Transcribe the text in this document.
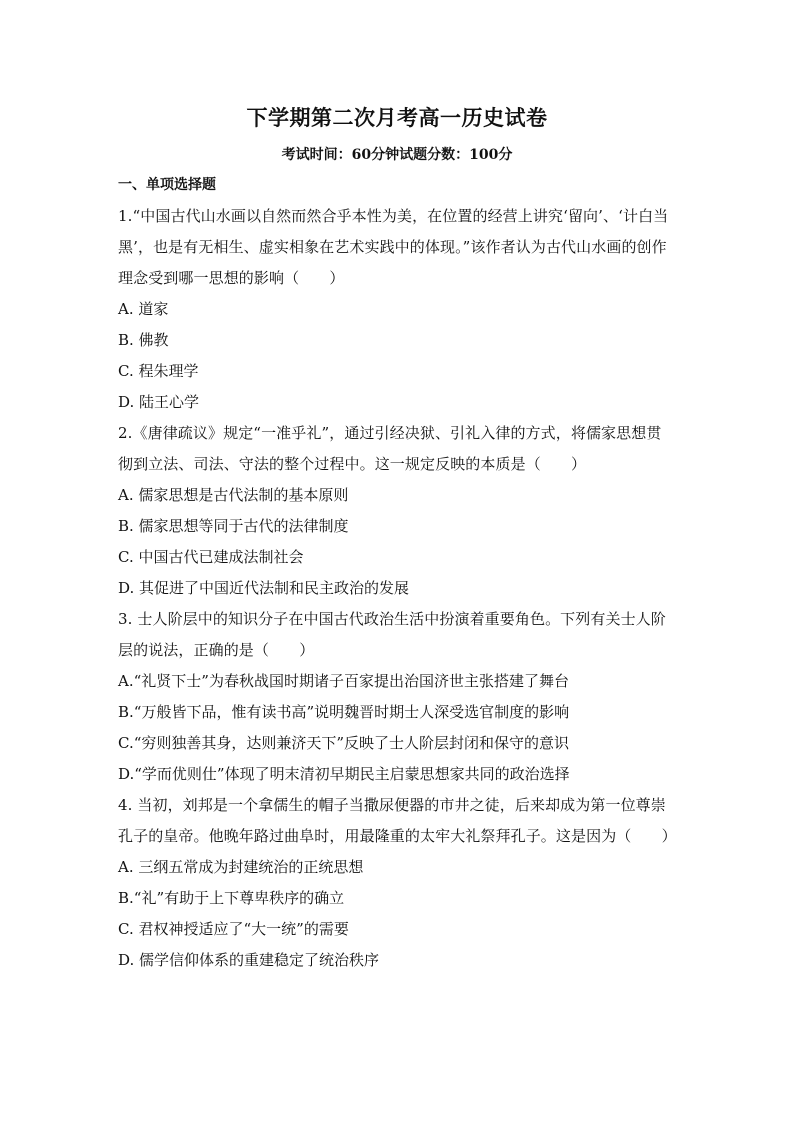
下学期第二次月考高一历史试卷
考试时间：60分钟试题分数：100分
一、单项选择题

1.“中国古代山水画以自然而然合乎本性为美，在位置的经营上讲究‘留向’、‘计白当黑’，也是有无相生、虚实相象在艺术实践中的体现。”该作者认为古代山水画的创作理念受到哪一思想的影响（　　）

A. 道家

B. 佛教

C. 程朱理学

D. 陆王心学

2.《唐律疏议》规定“一准乎礼”，通过引经决狱、引礼入律的方式，将儒家思想贯彻到立法、司法、守法的整个过程中。这一规定反映的本质是（　　）

A. 儒家思想是古代法制的基本原则

B. 儒家思想等同于古代的法律制度

C. 中国古代已建成法制社会

D. 其促进了中国近代法制和民主政治的发展

3. 士人阶层中的知识分子在中国古代政治生活中扮演着重要角色。下列有关士人阶层的说法，正确的是（　　）

A.“礼贤下士”为春秋战国时期诸子百家提出治国济世主张搭建了舞台

B.“万般皆下品，惟有读书高”说明魏晋时期士人深受选官制度的影响

C.“穷则独善其身，达则兼济天下”反映了士人阶层封闭和保守的意识

D.“学而优则仕”体现了明末清初早期民主启蒙思想家共同的政治选择

4. 当初，刘邦是一个拿儒生的帽子当撒尿便器的市井之徒，后来却成为第一位尊崇孔子的皇帝。他晚年路过曲阜时，用最隆重的太牢大礼祭拜孔子。这是因为（　　）

A. 三纲五常成为封建统治的正统思想

B.“礼”有助于上下尊卑秩序的确立

C. 君权神授适应了“大一统”的需要

D. 儒学信仰体系的重建稳定了统治秩序
